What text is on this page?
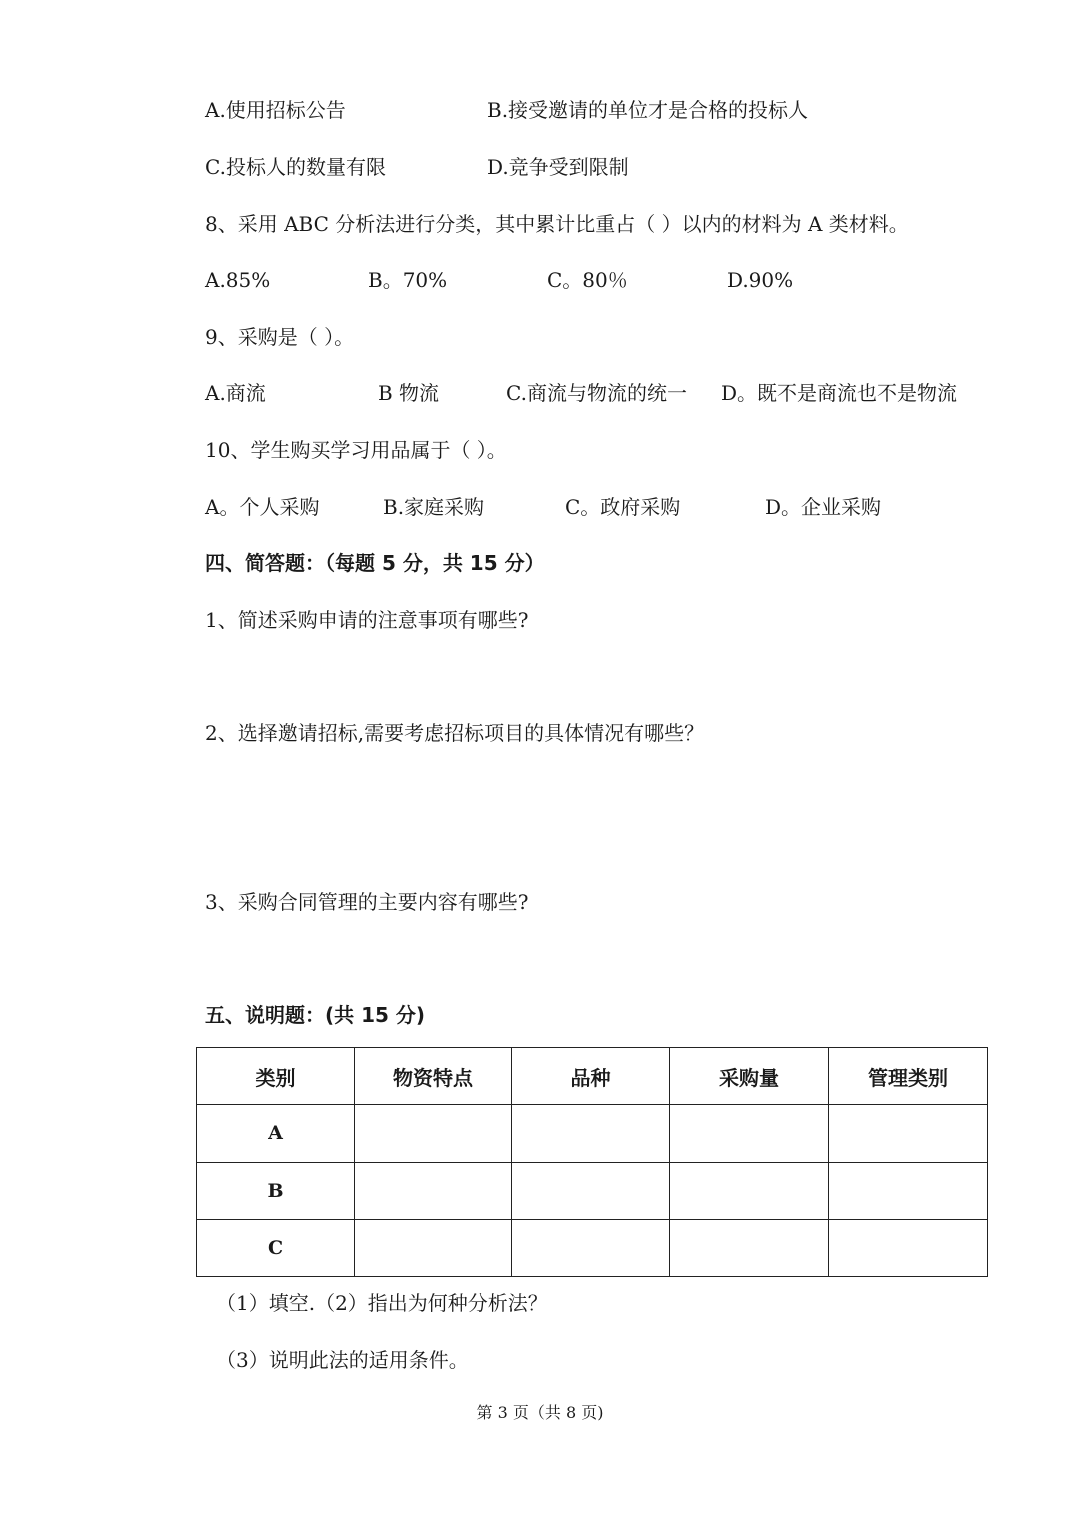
A.使用招标公告	B.接受邀请的单位才是合格的投标人
C.投标人的数量有限	D.竞争受到限制
8、采用 ABC 分析法进行分类，其中累计比重占（ ）以内的材料为 A 类材料。
A.85%	B。70%	C。80％	D.90%
9、采购是（ ）。
A.商流	B 物流	C.商流与物流的统一 D。既不是商流也不是物流
10、学生购买学习用品属于（ ）。
A。个人采购	B.家庭采购	C。政府采购	D。企业采购
四、简答题：（每题 5 分，共 15 分）
1、简述采购申请的注意事项有哪些?
2、选择邀请招标,需要考虑招标项目的具体情况有哪些？
3、采购合同管理的主要内容有哪些?
五、说明题：(共 15 分)
类别	物资特点	品种	采购量	管理类别
A				
B				
C				
（1）填空.（2）指出为何种分析法？
（3）说明此法的适用条件。
第 3 页（共 8 页)
